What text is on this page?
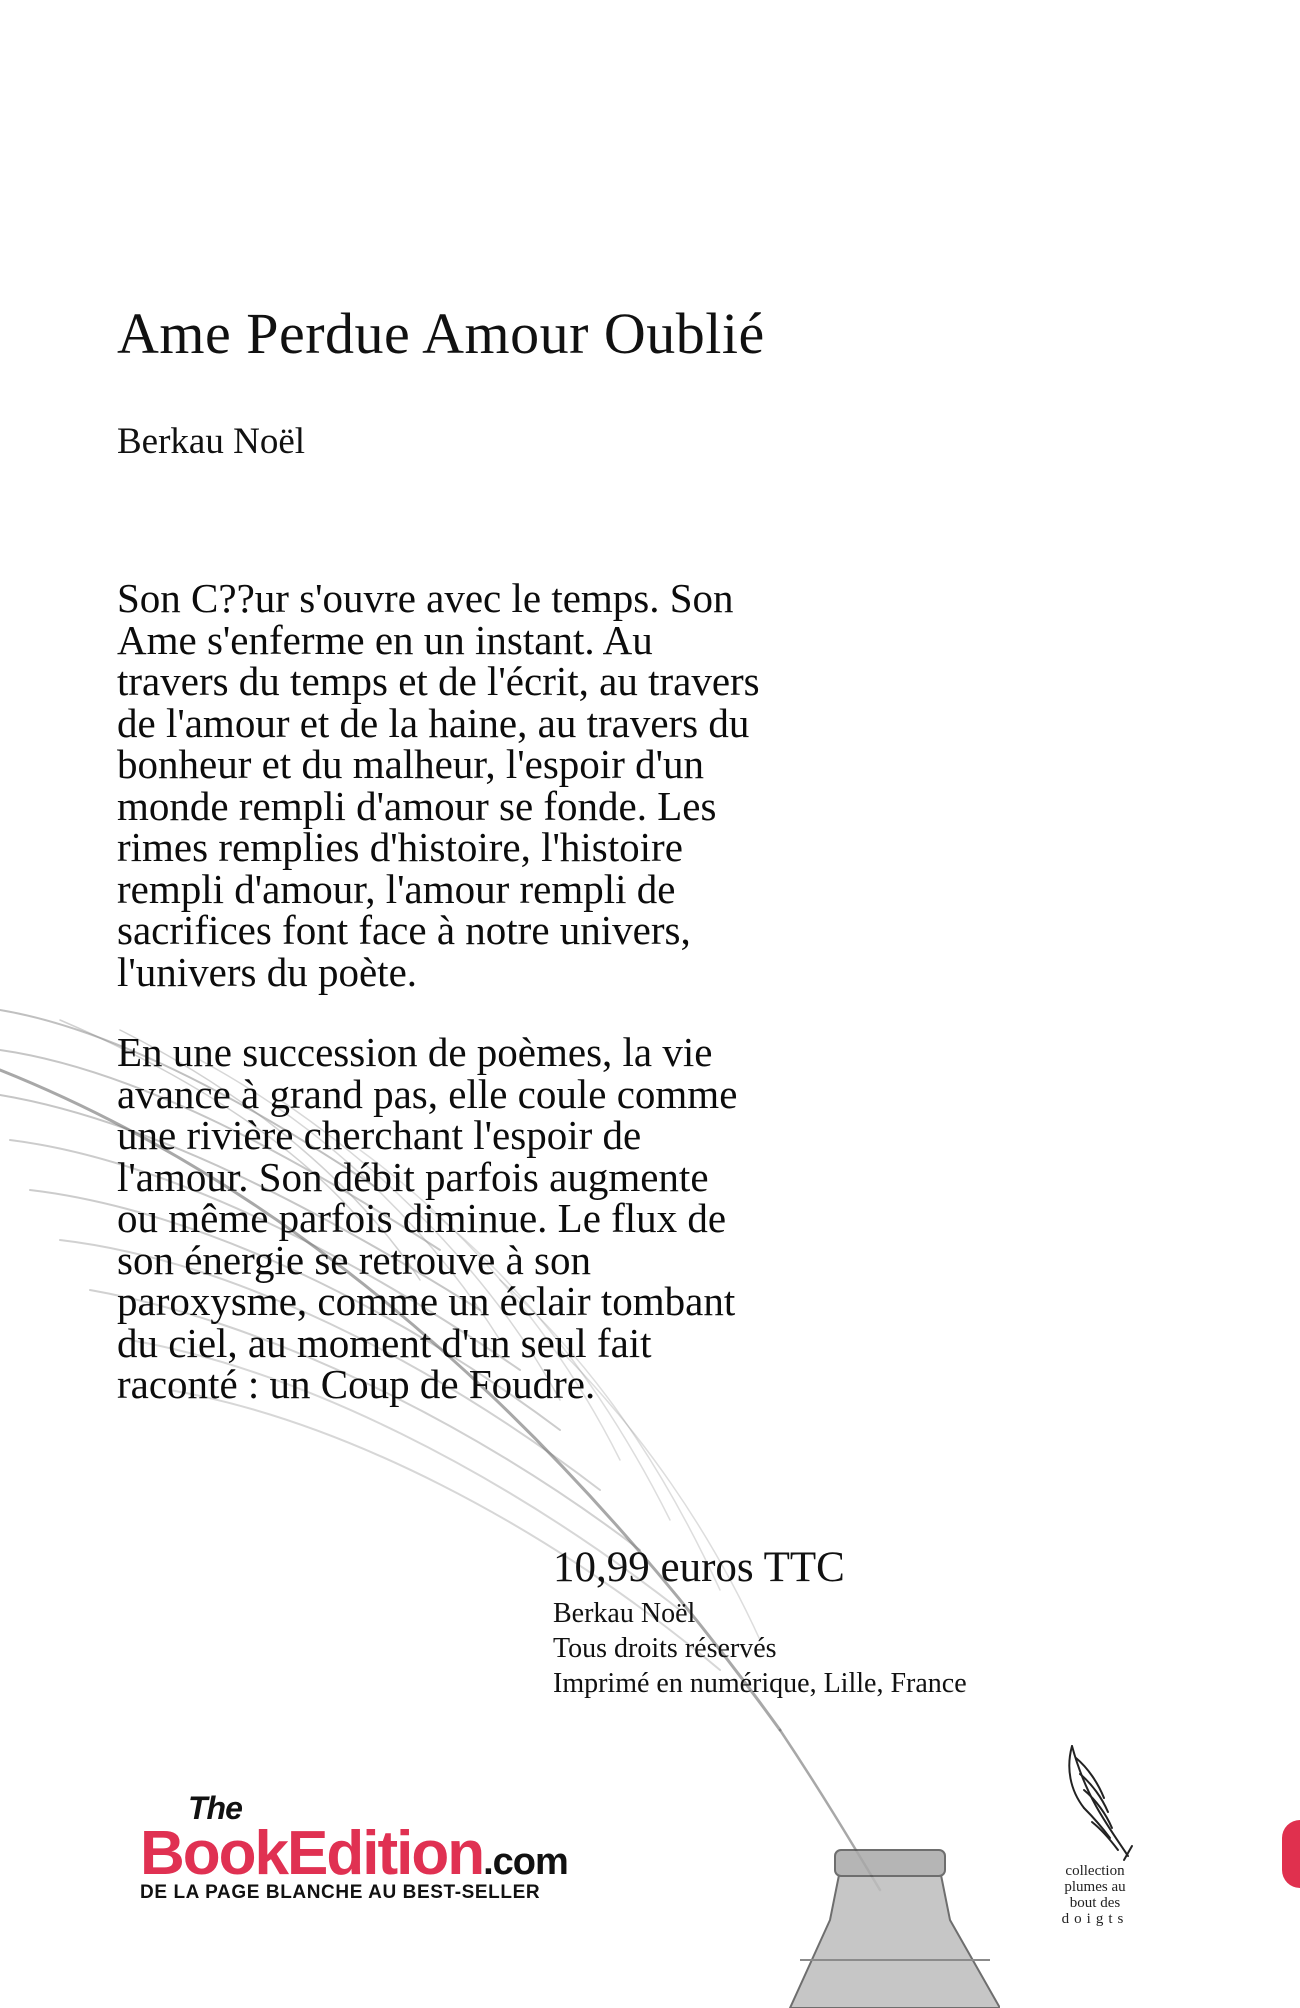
Ame Perdue Amour Oublié
Berkau Noël
Son C??ur s'ouvre avec le temps. Son
Ame s'enferme en un instant. Au
travers du temps et de l'écrit, au travers
de l'amour et de la haine, au travers du
bonheur et du malheur, l'espoir d'un
monde rempli d'amour se fonde. Les
rimes remplies d'histoire, l'histoire
rempli d'amour, l'amour rempli de
sacrifices font face à notre univers,
l'univers du poète.
En une succession de poèmes, la vie
avance à grand pas, elle coule comme
une rivière cherchant l'espoir de
l'amour. Son débit parfois augmente
ou même parfois diminue. Le flux de
son énergie se retrouve à son
paroxysme, comme un éclair tombant
du ciel, au moment d'un seul fait
raconté : un Coup de Foudre.
10,99 euros TTC
Berkau Noël
Tous droits réservés
Imprimé en numérique, Lille, France
The
BookEdition.com
DE LA PAGE BLANCHE AU BEST-SELLER
collection
plumes au
bout des
doigts
